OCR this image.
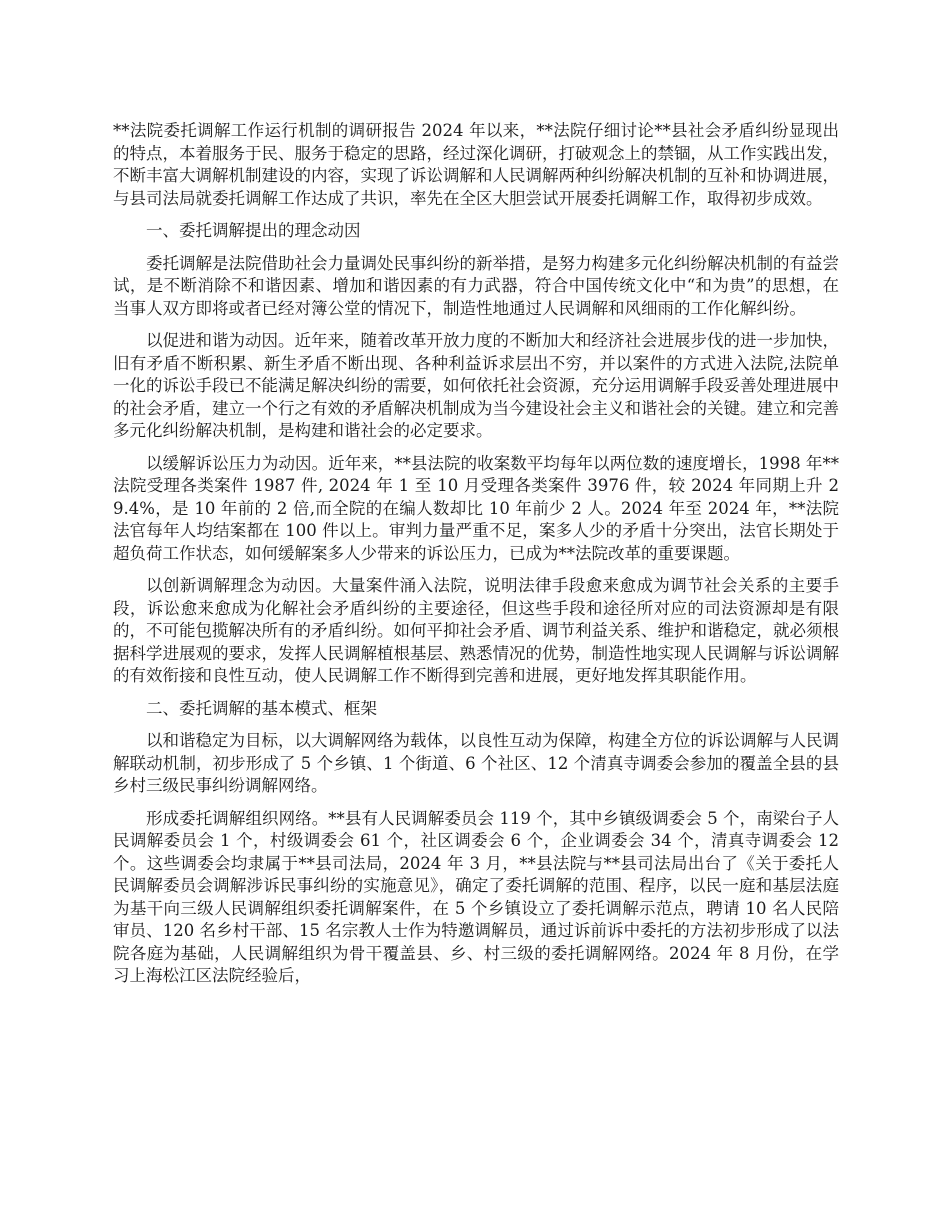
**法院委托调解工作运行机制的调研报告 2024 年以来，**法院仔细讨论**县社会矛盾纠纷显现出的特点，本着服务于民、服务于稳定的思路，经过深化调研，打破观念上的禁锢，从工作实践出发，不断丰富大调解机制建设的内容，实现了诉讼调解和人民调解两种纠纷解决机制的互补和协调进展，与县司法局就委托调解工作达成了共识，率先在全区大胆尝试开展委托调解工作，取得初步成效。

一、委托调解提出的理念动因

委托调解是法院借助社会力量调处民事纠纷的新举措，是努力构建多元化纠纷解决机制的有益尝试，是不断消除不和谐因素、增加和谐因素的有力武器，符合中国传统文化中“和为贵”的思想，在当事人双方即将或者已经对簿公堂的情况下，制造性地通过人民调解和风细雨的工作化解纠纷。

以促进和谐为动因。近年来，随着改革开放力度的不断加大和经济社会进展步伐的进一步加快，旧有矛盾不断积累、新生矛盾不断出现、各种利益诉求层出不穷，并以案件的方式进入法院,法院单一化的诉讼手段已不能满足解决纠纷的需要，如何依托社会资源，充分运用调解手段妥善处理进展中的社会矛盾，建立一个行之有效的矛盾解决机制成为当今建设社会主义和谐社会的关键。建立和完善多元化纠纷解决机制，是构建和谐社会的必定要求。

以缓解诉讼压力为动因。近年来，**县法院的收案数平均每年以两位数的速度增长，1998 年**法院受理各类案件 1987 件, 2024 年 1 至 10 月受理各类案件 3976 件，较 2024 年同期上升 29.4%，是 10 年前的 2 倍,而全院的在编人数却比 10 年前少 2 人。2024 年至 2024 年，**法院法官每年人均结案都在 100 件以上。审判力量严重不足，案多人少的矛盾十分突出，法官长期处于超负荷工作状态，如何缓解案多人少带来的诉讼压力，已成为**法院改革的重要课题。

以创新调解理念为动因。大量案件涌入法院，说明法律手段愈来愈成为调节社会关系的主要手段，诉讼愈来愈成为化解社会矛盾纠纷的主要途径，但这些手段和途径所对应的司法资源却是有限的，不可能包揽解决所有的矛盾纠纷。如何平抑社会矛盾、调节利益关系、维护和谐稳定，就必须根据科学进展观的要求，发挥人民调解植根基层、熟悉情况的优势，制造性地实现人民调解与诉讼调解的有效衔接和良性互动，使人民调解工作不断得到完善和进展，更好地发挥其职能作用。

二、委托调解的基本模式、框架

以和谐稳定为目标，以大调解网络为载体，以良性互动为保障，构建全方位的诉讼调解与人民调解联动机制，初步形成了 5 个乡镇、1 个街道、6 个社区、12 个清真寺调委会参加的覆盖全县的县乡村三级民事纠纷调解网络。

形成委托调解组织网络。**县有人民调解委员会 119 个，其中乡镇级调委会 5 个，南梁台子人民调解委员会 1 个，村级调委会 61 个，社区调委会 6 个，企业调委会 34 个，清真寺调委会 12 个。这些调委会均隶属于**县司法局，2024 年 3 月，**县法院与**县司法局出台了《关于委托人民调解委员会调解涉诉民事纠纷的实施意见》，确定了委托调解的范围、程序，以民一庭和基层法庭为基干向三级人民调解组织委托调解案件，在 5 个乡镇设立了委托调解示范点，聘请 10 名人民陪审员、120 名乡村干部、15 名宗教人士作为特邀调解员，通过诉前诉中委托的方法初步形成了以法院各庭为基础，人民调解组织为骨干覆盖县、乡、村三级的委托调解网络。2024 年 8 月份，在学习上海松江区法院经验后，
